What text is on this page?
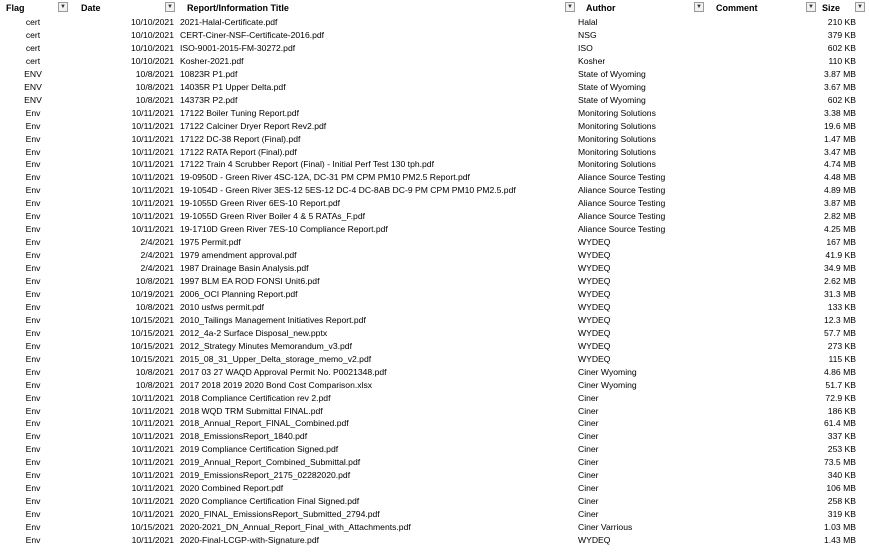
Flag	▼ Date	▼ Report/Information Title	▼ Author	▼ Comment	▼ Size	▼
cert	10/10/2021 2021-Halal-Certificate.pdf	Halal	210 KB
cert	10/10/2021 CERT-Ciner-NSF-Certificate-2016.pdf	NSG	379 KB
cert	10/10/2021 ISO-9001-2015-FM-30272.pdf	ISO	602 KB
cert	10/10/2021 Kosher-2021.pdf	Kosher	110 KB
ENV	10/8/2021 10823R P1.pdf	State of Wyoming	3.87 MB
ENV	10/8/2021 14035R P1 Upper Delta.pdf	State of Wyoming	3.67 MB
ENV	10/8/2021 14373R P2.pdf	State of Wyoming	602 KB
Env	10/11/2021 17122 Boiler Tuning Report.pdf	Monitoring Solutions	3.38 MB
Env	10/11/2021 17122 Calciner Dryer Report Rev2.pdf	Monitoring Solutions	19.6 MB
Env	10/11/2021 17122 DC-38 Report (Final).pdf	Monitoring Solutions	1.47 MB
Env	10/11/2021 17122 RATA Report (Final).pdf	Monitoring Solutions	3.47 MB
Env	10/11/2021 17122 Train 4 Scrubber Report (Final) - Initial Perf Test 130 tph.pdf	Monitoring Solutions	4.74 MB
Env	10/11/2021 19-0950D - Green River 4SC-12A, DC-31 PM CPM PM10 PM2.5 Report.pdf	Aliance Source Testing	4.48 MB
Env	10/11/2021 19-1054D - Green River 3ES-12 5ES-12 DC-4 DC-8AB DC-9 PM CPM PM10 PM2.5.pdf	Aliance Source Testing	4.89 MB
Env	10/11/2021 19-1055D Green River 6ES-10 Report.pdf	Aliance Source Testing	3.87 MB
Env	10/11/2021 19-1055D Green River Boiler 4 & 5 RATAs_F.pdf	Aliance Source Testing	2.82 MB
Env	10/11/2021 19-1710D Green River 7ES-10 Compliance Report.pdf	Aliance Source Testing	4.25 MB
Env	2/4/2021 1975 Permit.pdf	WYDEQ	167 MB
Env	2/4/2021 1979 amendment approval.pdf	WYDEQ	41.9 KB
Env	2/4/2021 1987 Drainage Basin Analysis.pdf	WYDEQ	34.9 MB
Env	10/8/2021 1997 BLM EA ROD FONSI Unit6.pdf	WYDEQ	2.62 MB
Env	10/19/2021 2006_OCI Planning Report.pdf	WYDEQ	31.3 MB
Env	10/8/2021 2010 usfws permit.pdf	WYDEQ	133 KB
Env	10/15/2021 2010_Tailings Management Initiatives Report.pdf	WYDEQ	12.3 MB
Env	10/15/2021 2012_4a-2 Surface Disposal_new.pptx	WYDEQ	57.7 MB
Env	10/15/2021 2012_Strategy Minutes Memorandum_v3.pdf	WYDEQ	273 KB
Env	10/15/2021 2015_08_31_Upper_Delta_storage_memo_v2.pdf	WYDEQ	115 KB
Env	10/8/2021 2017 03 27 WAQD Approval Permit No. P0021348.pdf	Ciner Wyoming	4.86 MB
Env	10/8/2021 2017 2018 2019 2020 Bond Cost Comparison.xlsx	Ciner Wyoming	51.7 KB
Env	10/11/2021 2018 Compliance Certification rev 2.pdf	Ciner	72.9 KB
Env	10/11/2021 2018 WQD TRM Submittal FINAL.pdf	Ciner	186 KB
Env	10/11/2021 2018_Annual_Report_FINAL_Combined.pdf	Ciner	61.4 MB
Env	10/11/2021 2018_EmissionsReport_1840.pdf	Ciner	337 KB
Env	10/11/2021 2019 Compliance Certification Signed.pdf	Ciner	253 KB
Env	10/11/2021 2019_Annual_Report_Combined_Submittal.pdf	Ciner	73.5 MB
Env	10/11/2021 2019_EmissionsReport_2175_02282020.pdf	Ciner	340 KB
Env	10/11/2021 2020 Combined Report.pdf	Ciner	106 MB
Env	10/11/2021 2020 Compliance Certification Final Signed.pdf	Ciner	258 KB
Env	10/11/2021 2020_FINAL_EmissionsReport_Submitted_2794.pdf	Ciner	319 KB
Env	10/15/2021 2020-2021_DN_Annual_Report_Final_with_Attachments.pdf	Ciner Varrious	1.03 MB
Env	10/11/2021 2020-Final-LCGP-with-Signature.pdf	WYDEQ	1.43 MB
